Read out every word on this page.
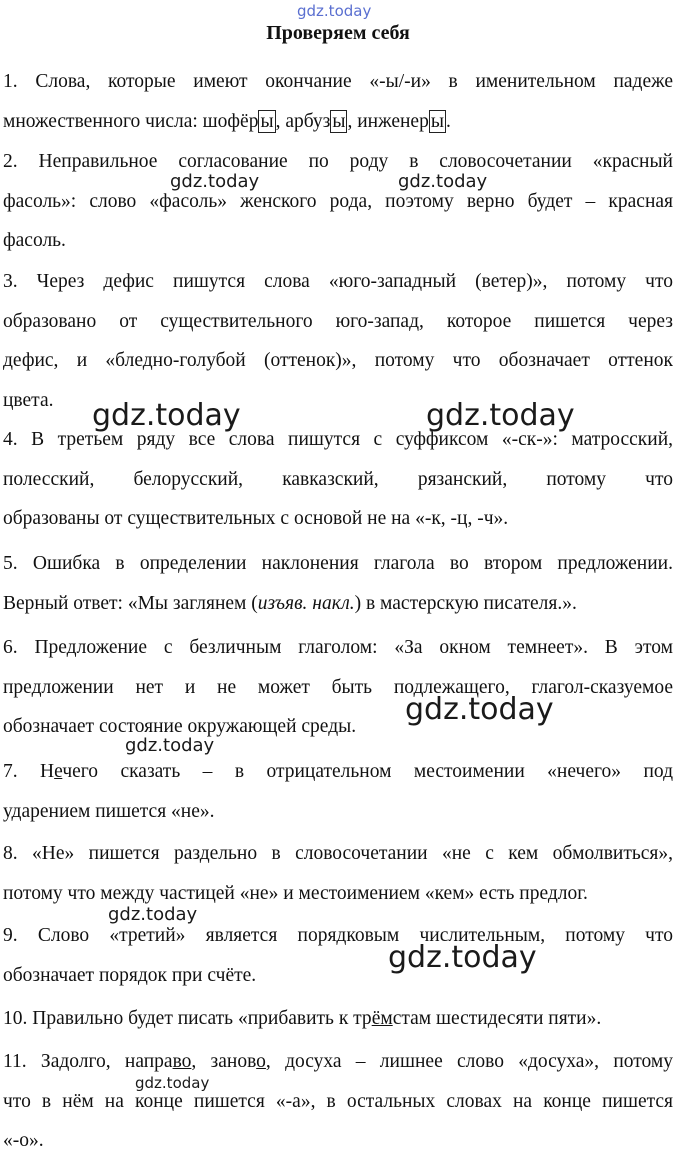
gdz.today
Проверяем себя
1. Слова, которые имеют окончание «-ы/-и» в именительном падеже
множественного числа: шофёр ы , арбуз ы , инженер ы .
2. Неправильное согласование по роду в словосочетании «красный
фасоль»: слово «фасоль» женского рода, поэтому верно будет – красная
фасоль.
3. Через дефис пишутся слова «юго-западный (ветер)», потому что
образовано от существительного юго-запад, которое пишется через
дефис, и «бледно-голубой (оттенок)», потому что обозначает оттенок
цвета.
4. В третьем ряду все слова пишутся с суффиксом «-ск-»: матросский,
полесский, белорусский, кавказский, рязанский, потому что
образованы от существительных с основой не на «-к, -ц, -ч».
5. Ошибка в определении наклонения глагола во втором предложении.
Верный ответ: «Мы заглянем (изъяв. накл.) в мастерскую писателя.».
6. Предложение с безличным глаголом: «За окном темнеет». В этом
предложении нет и не может быть подлежащего, глагол-сказуемое
обозначает состояние окружающей среды.
7. Нечего сказать – в отрицательном местоимении «нечего» под
ударением пишется «не».
8. «Не» пишется раздельно в словосочетании «не с кем обмолвиться»,
потому что между частицей «не» и местоимением «кем» есть предлог.
9. Слово «третий» является порядковым числительным, потому что
обозначает порядок при счёте.
10. Правильно будет писать «прибавить к трёмстам шестидесяти пяти».
11. Задолго, направо, заново, досуха – лишнее слово «досуха», потому
что в нём на конце пишется «-а», в остальных словах на конце пишется
«-о».
gdz.today	gdz.today
gdz.today	gdz.today
gdz.today
gdz.today
gdz.today
gdz.today
gdz.today
